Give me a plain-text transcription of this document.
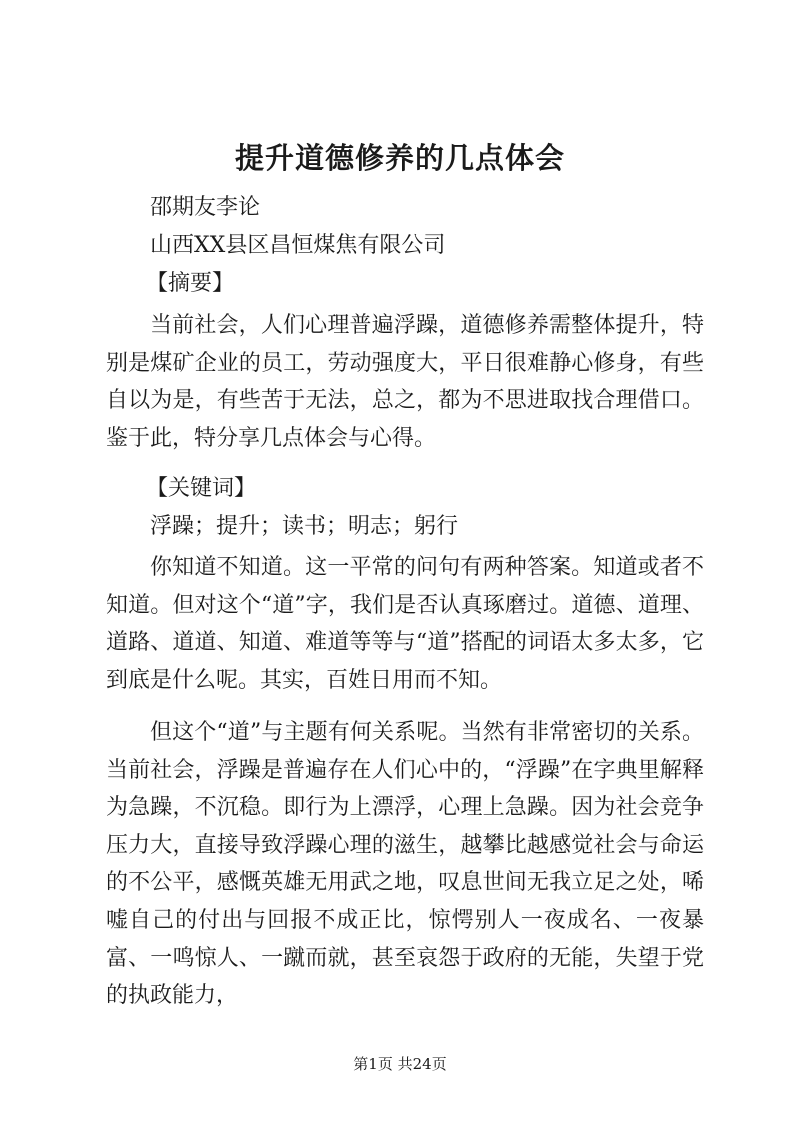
提升道德修养的几点体会
邵期友李论
山西XX县区昌恒煤焦有限公司
【摘要】

当前社会，人们心理普遍浮躁，道德修养需整体提升，特别是煤矿企业的员工，劳动强度大，平日很难静心修身，有些自以为是，有些苦于无法，总之，都为不思进取找合理借口。鉴于此，特分享几点体会与心得。

【关键词】
浮躁；提升；读书；明志；躬行

你知道不知道。这一平常的问句有两种答案。知道或者不知道。但对这个“道”字，我们是否认真琢磨过。道德、道理、道路、道道、知道、难道等等与“道”搭配的词语太多太多，它到底是什么呢。其实，百姓日用而不知。

但这个“道”与主题有何关系呢。当然有非常密切的关系。当前社会，浮躁是普遍存在人们心中的，“浮躁”在字典里解释为急躁，不沉稳。即行为上漂浮，心理上急躁。因为社会竞争压力大，直接导致浮躁心理的滋生，越攀比越感觉社会与命运的不公平，感慨英雄无用武之地，叹息世间无我立足之处，唏嘘自己的付出与回报不成正比，惊愕别人一夜成名、一夜暴富、一鸣惊人、一蹴而就，甚至哀怨于政府的无能，失望于党的执政能力，

第1页 共24页
